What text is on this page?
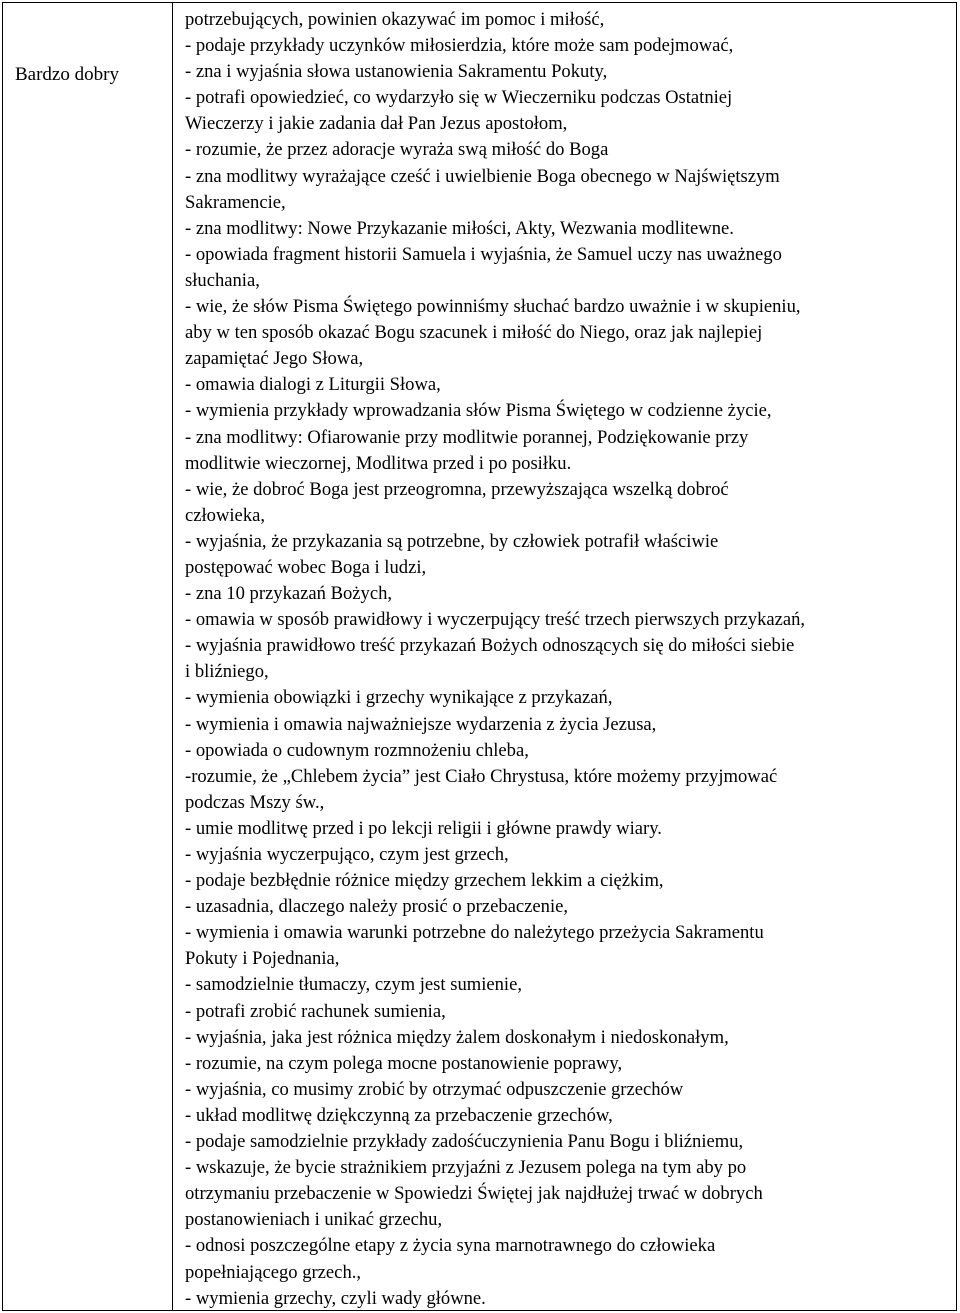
Bardzo dobry
potrzebujących, powinien okazywać im pomoc i miłość,
- podaje przykłady uczynków miłosierdzia, które może sam podejmować,
- zna i wyjaśnia słowa ustanowienia Sakramentu Pokuty,
- potrafi opowiedzieć, co wydarzyło się w Wieczerniku podczas Ostatniej
Wieczerzy i jakie zadania dał Pan Jezus apostołom,
- rozumie, że przez adoracje wyraża swą miłość do Boga
- zna modlitwy wyrażające cześć i uwielbienie Boga obecnego w Najświętszym
Sakramencie,
- zna modlitwy: Nowe Przykazanie miłości, Akty, Wezwania modlitewne.
- opowiada fragment historii Samuela i wyjaśnia, że Samuel uczy nas uważnego
słuchania,
- wie, że słów Pisma Świętego powinniśmy słuchać bardzo uważnie i w skupieniu,
aby w ten sposób okazać Bogu szacunek i miłość do Niego, oraz jak najlepiej
zapamiętać Jego Słowa,
- omawia dialogi z Liturgii Słowa,
- wymienia przykłady wprowadzania słów Pisma Świętego w codzienne życie,
- zna modlitwy: Ofiarowanie przy modlitwie porannej, Podziękowanie przy
modlitwie wieczornej, Modlitwa przed i po posiłku.
- wie, że dobroć Boga jest przeogromna, przewyższająca wszelką dobroć
człowieka,
- wyjaśnia, że przykazania są potrzebne, by człowiek potrafił właściwie
postępować wobec Boga i ludzi,
- zna 10 przykazań Bożych,
- omawia w sposób prawidłowy i wyczerpujący treść trzech pierwszych przykazań,
- wyjaśnia prawidłowo treść przykazań Bożych odnoszących się do miłości siebie
i bliźniego,
- wymienia obowiązki i grzechy wynikające z przykazań,
- wymienia i omawia najważniejsze wydarzenia z życia Jezusa,
- opowiada o cudownym rozmnożeniu chleba,
-rozumie, że „Chlebem życia” jest Ciało Chrystusa, które możemy przyjmować
podczas Mszy św.,
- umie modlitwę przed i po lekcji religii i główne prawdy wiary.
- wyjaśnia wyczerpująco, czym jest grzech,
- podaje bezbłędnie różnice między grzechem lekkim a ciężkim,
- uzasadnia, dlaczego należy prosić o przebaczenie,
- wymienia i omawia warunki potrzebne do należytego przeżycia Sakramentu
Pokuty i Pojednania,
- samodzielnie tłumaczy, czym jest sumienie,
- potrafi zrobić rachunek sumienia,
- wyjaśnia, jaka jest różnica między żalem doskonałym i niedoskonałym,
- rozumie, na czym polega mocne postanowienie poprawy,
- wyjaśnia, co musimy zrobić by otrzymać odpuszczenie grzechów
- układ modlitwę dziękczynną za przebaczenie grzechów,
- podaje samodzielnie przykłady zadośćuczynienia Panu Bogu i bliźniemu,
- wskazuje, że bycie strażnikiem przyjaźni z Jezusem polega na tym aby po
otrzymaniu przebaczenie w Spowiedzi Świętej jak najdłużej trwać w dobrych
postanowieniach i unikać grzechu,
- odnosi poszczególne etapy z życia syna marnotrawnego do człowieka
popełniającego grzech.,
- wymienia grzechy, czyli wady główne.
